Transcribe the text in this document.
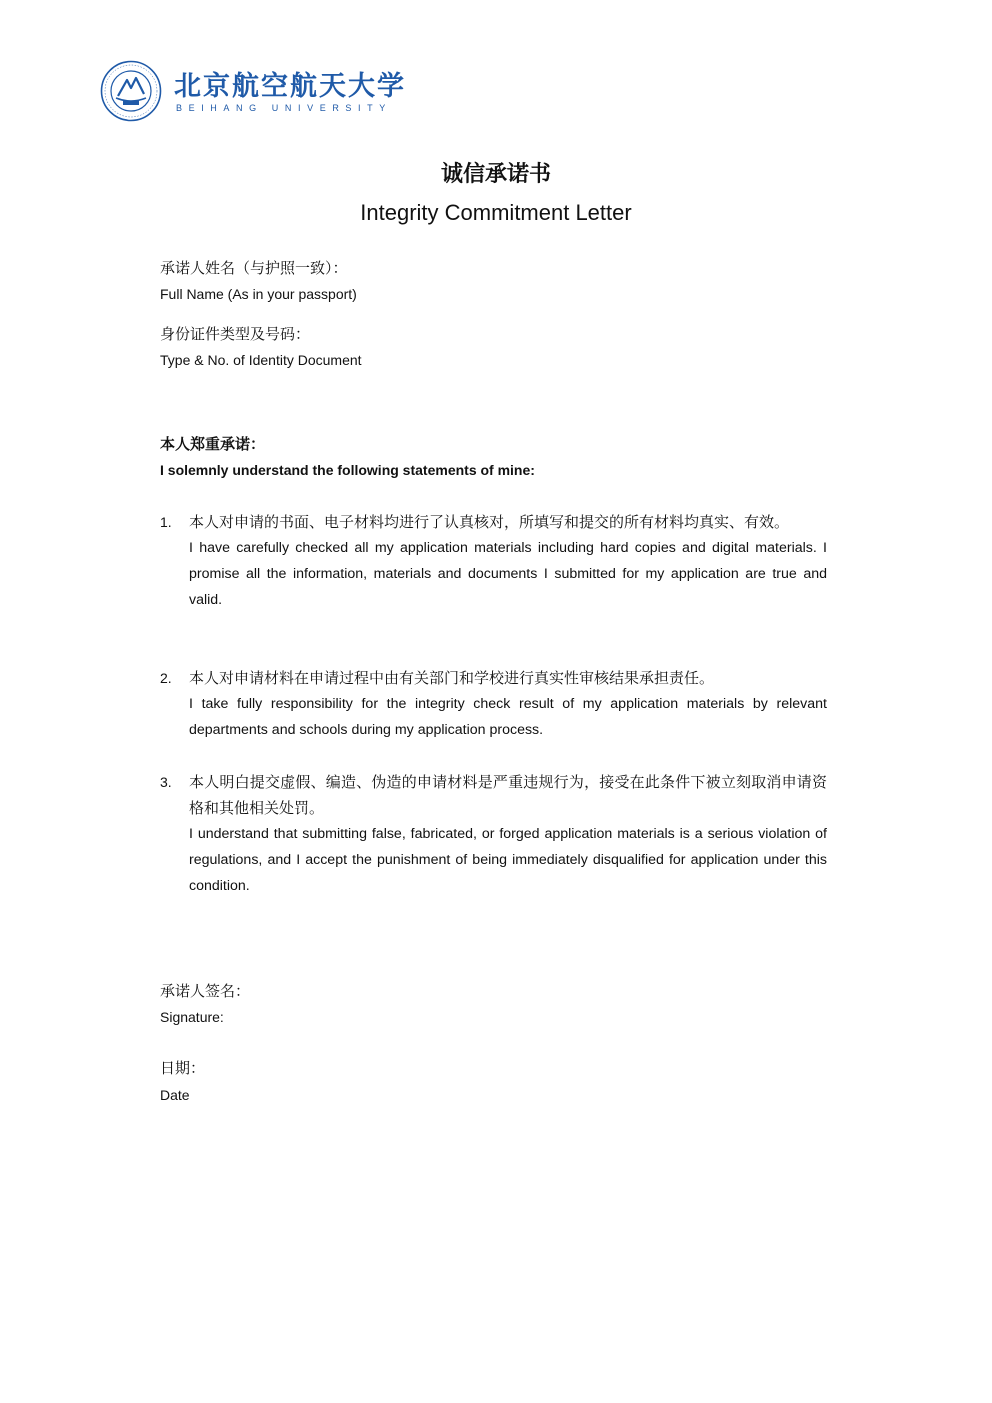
北京航空航天大学
BEIHANG UNIVERSITY
诚信承诺书
Integrity Commitment Letter
承诺人姓名（与护照一致）：
Full Name (As in your passport)
身份证件类型及号码：
Type & No. of Identity Document
本人郑重承诺：
I solemnly understand the following statements of mine:
1. 本人对申请的书面、电子材料均进行了认真核对，所填写和提交的所有材料均真实、有效。
I have carefully checked all my application materials including hard copies and digital materials. I promise all the information, materials and documents I submitted for my application are true and valid.
2. 本人对申请材料在申请过程中由有关部门和学校进行真实性审核结果承担责任。
I take fully responsibility for the integrity check result of my application materials by relevant departments and schools during my application process.
3. 本人明白提交虚假、编造、伪造的申请材料是严重违规行为，接受在此条件下被立刻取消申请资格和其他相关处罚。
I understand that submitting false, fabricated, or forged application materials is a serious violation of regulations, and I accept the punishment of being immediately disqualified for application under this condition.
承诺人签名：
Signature:
日期：
Date
